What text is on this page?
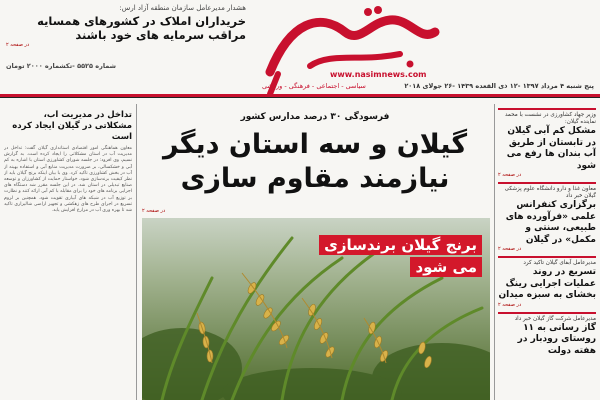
هشدار مدیرعامل سازمان منطقه آزاد ارس:
خریداران املاک در کشورهای همسایه مراقب سرمایه های خود باشند
در صفحه ۲
www.nasimnews.com
سیاسی - اجتماعی - فرهنگی - ورزشی	پنج شنبه ۴ مرداد ۱۳۹۷ -۱۲ ذی القعده ۱۴۳۹ -۲۶ جولای ۲۰۱۸
شماره ۵۵۲۵ -تکشماره ۲۰۰۰ تومان
تداخل در مدیریت آب، مشکلاتی در گیلان ایجاد کرده است
معاون هماهنگی امور اقتصادی استانداری گیلان گفت: تداخل در مدیریت آب در استان مشکلاتی را ایجاد کرده است. به گزارش نسیم، وی افزود: در جلسه شورای کشاورزی استان با اشاره به کم آبی و خشکسالی، بر ضرورت مدیریت منابع آبی و استفاده بهینه از آب در بخش کشاورزی تاکید کرد. وی با بیان اینکه برنج گیلان باید از نظر کیفیت برندسازی شود، خواستار حمایت از کشاورزان و توسعه صنایع تبدیلی در استان شد. در این جلسه مقرر شد دستگاه های اجرایی برنامه های خود را برای مقابله با کم آبی ارائه کنند و نظارت بر توزیع آب در شبکه های آبیاری تقویت شود. همچنین بر لزوم تسریع در اجرای طرح های زهکشی و تجهیز اراضی شالیزاری تاکید شد تا بهره وری آب در مزارع افزایش یابد.
فرسودگی ۳۰ درصد مدارس کشور
گیلان و سه استان دیگر نیازمند مقاوم سازی
در صفحه ۲
برنج گیلان برندسازی می شود
وزیر جهاد کشاورزی در نشست با محمد نماینده گیلان:
مشکل کم آبی گیلان در تابستان از طریق آب بندان ها رفع می شود
در صفحه ۲
معاون غذا و دارو دانشگاه علوم پزشکی گیلان خبر داد
برگزاری کنفرانس علمی «فرآورده های طبیعی، سنتی و مکمل» در گیلان
در صفحه ۲
مدیرعامل آبفای گیلان تاکید کرد
تسریع در روند عملیات اجرایی رینگ بخشای به سبزه میدان
در صفحه ۲
مدیرعامل شرکت گاز گیلان خبر داد
گاز رسانی به ۱۱ روستای رودبار در هفته دولت
